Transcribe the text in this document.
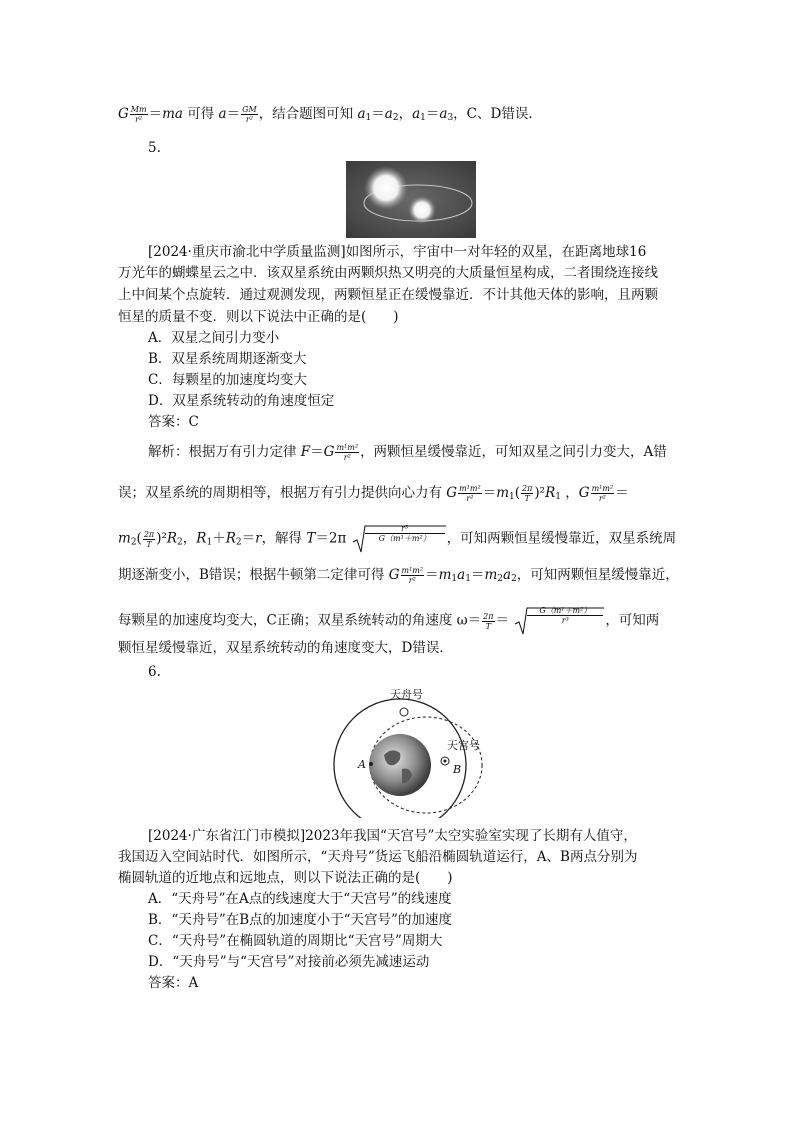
G $\frac{Mm}{\text{r²}} =ma$ 可得 $a= \frac{GM}{\text{r²}}$ ，结合题图可知 a1＝a2，a1＝a3，C、D错误．
5.
[2024·重庆市渝北中学质量监测]如图所示，宇宙中一对年轻的双星，在距离地球16
万光年的蝴蝶星云之中．该双星系统由两颗炽热又明亮的大质量恒星构成，二者围绕连接线
上中间某个点旋转．通过观测发现，两颗恒星正在缓慢靠近．不计其他天体的影响，且两颗
恒星的质量不变．则以下说法中正确的是(　　)
A．双星之间引力变小
B．双星系统周期逐渐变大
C．每颗星的加速度均变大
D．双星系统转动的角速度恒定
答案：C
解析：根据万有引力定律 $F=G \frac{\text{m¹m²}}{\text{r²}}$ ，两颗恒星缓慢靠近，可知双星之间引力变大，A错
误；双星系统的周期相等，根据万有引力提供向心力有 G $\frac{\text{m¹m²}}{\text{r²}} =m1( \frac{2\pi}{T} )^2R1$ ，G $\frac{\text{m¹m²}}{\text{r²}}$ ＝
$m2( \frac{2\pi}{T} )^2R2$，R1＋R2＝r，解得 T＝2π
r³
G（m¹＋m²）	，可知两颗恒星缓慢靠近，双星系统周
期逐渐变小，B错误；根据牛顿第二定律可得 G $\frac{\text{m¹m²}}{\text{r²}} =m1a1=m2a2$，可知两颗恒星缓慢靠近，
每颗星的加速度均变大，C正确；双星系统转动的角速度 $\omega= \frac{2\pi}{T}$ ＝
G（m¹＋m²）
r³	，可知两
颗恒星缓慢靠近，双星系统转动的角速度变大，D错误．
6.
天舟号
天宫号
A	B
[2024·广东省江门市模拟]2023年我国“天宫号”太空实验室实现了长期有人值守，
我国迈入空间站时代．如图所示，“天舟号”货运飞船沿椭圆轨道运行，A、B两点分别为
椭圆轨道的近地点和远地点，则以下说法正确的是(　　)
A．“天舟号”在A点的线速度大于“天宫号”的线速度
B．“天舟号”在B点的加速度小于“天宫号”的加速度
C．“天舟号”在椭圆轨道的周期比“天宫号”周期大
D．“天舟号”与“天宫号”对接前必须先减速运动
答案：A
